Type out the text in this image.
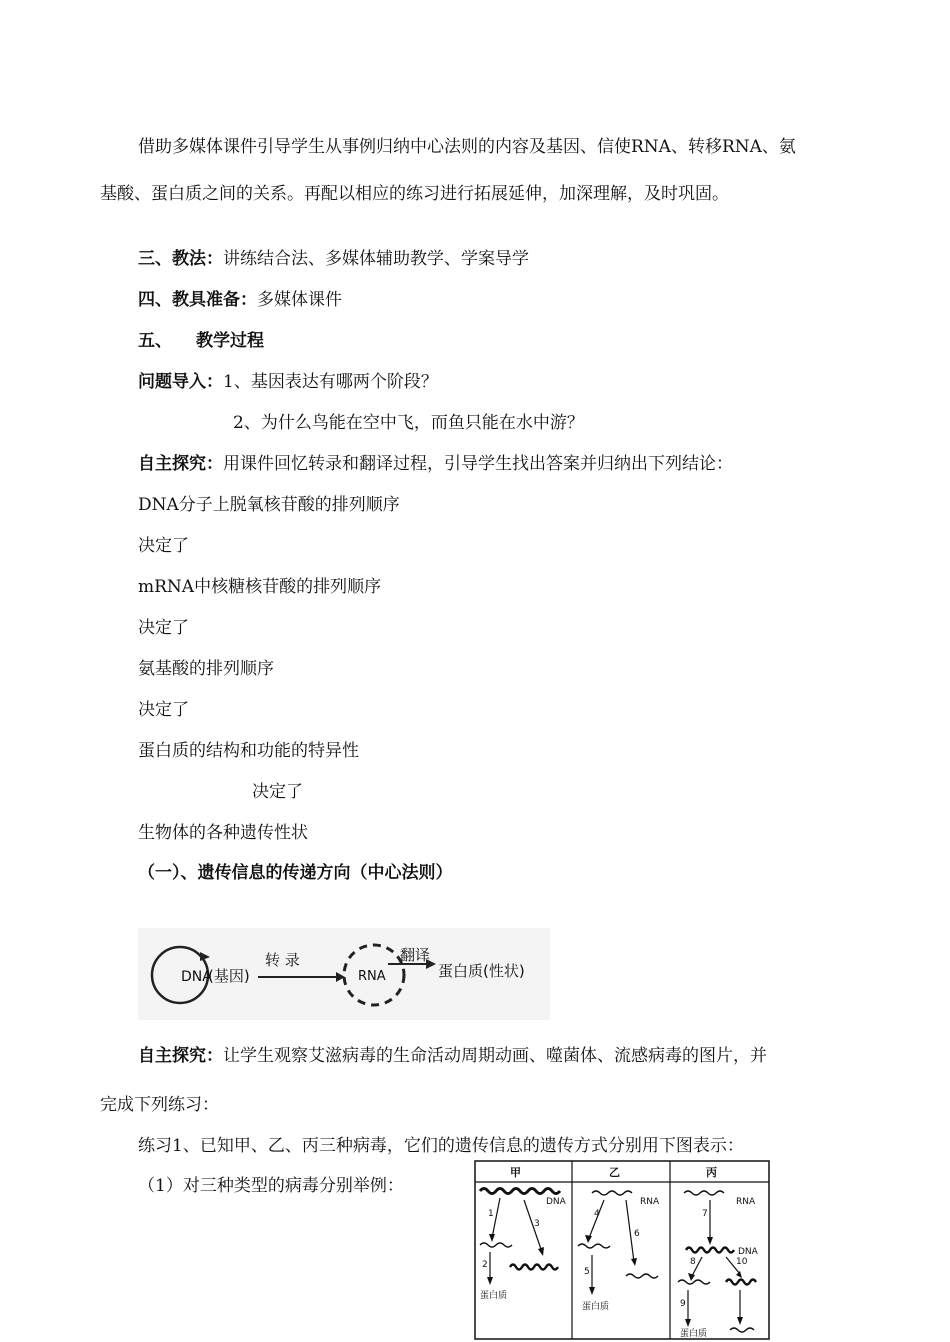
借助多媒体课件引导学生从事例归纳中心法则的内容及基因、信使RNA、转移RNA、氨
基酸、蛋白质之间的关系。再配以相应的练习进行拓展延伸，加深理解，及时巩固。
三、教法：讲练结合法、多媒体辅助教学、学案导学
四、教具准备：多媒体课件
五、 教学过程
问题导入：1、基因表达有哪两个阶段？
2、为什么鸟能在空中飞，而鱼只能在水中游？
自主探究：用课件回忆转录和翻译过程，引导学生找出答案并归纳出下列结论：
DNA分子上脱氧核苷酸的排列顺序
决定了
mRNA中核糖核苷酸的排列顺序
决定了
氨基酸的排列顺序
决定了
蛋白质的结构和功能的特异性
决定了
生物体的各种遗传性状
（一）、遗传信息的传递方向（中心法则）
DNA
(基因)
转 录
RNA
翻译
蛋白质(性状)
自主探究：让学生观察艾滋病毒的生命活动周期动画、噬菌体、流感病毒的图片，并
完成下列练习：
练习1、已知甲、乙、丙三种病毒，它们的遗传信息的遗传方式分别用下图表示：
（1）对三种类型的病毒分别举例：
甲	乙	丙
DNA
1
3
2
蛋白质
RNA
4
6
5
蛋白质
RNA
7
DNA
8	10
9
蛋白质
